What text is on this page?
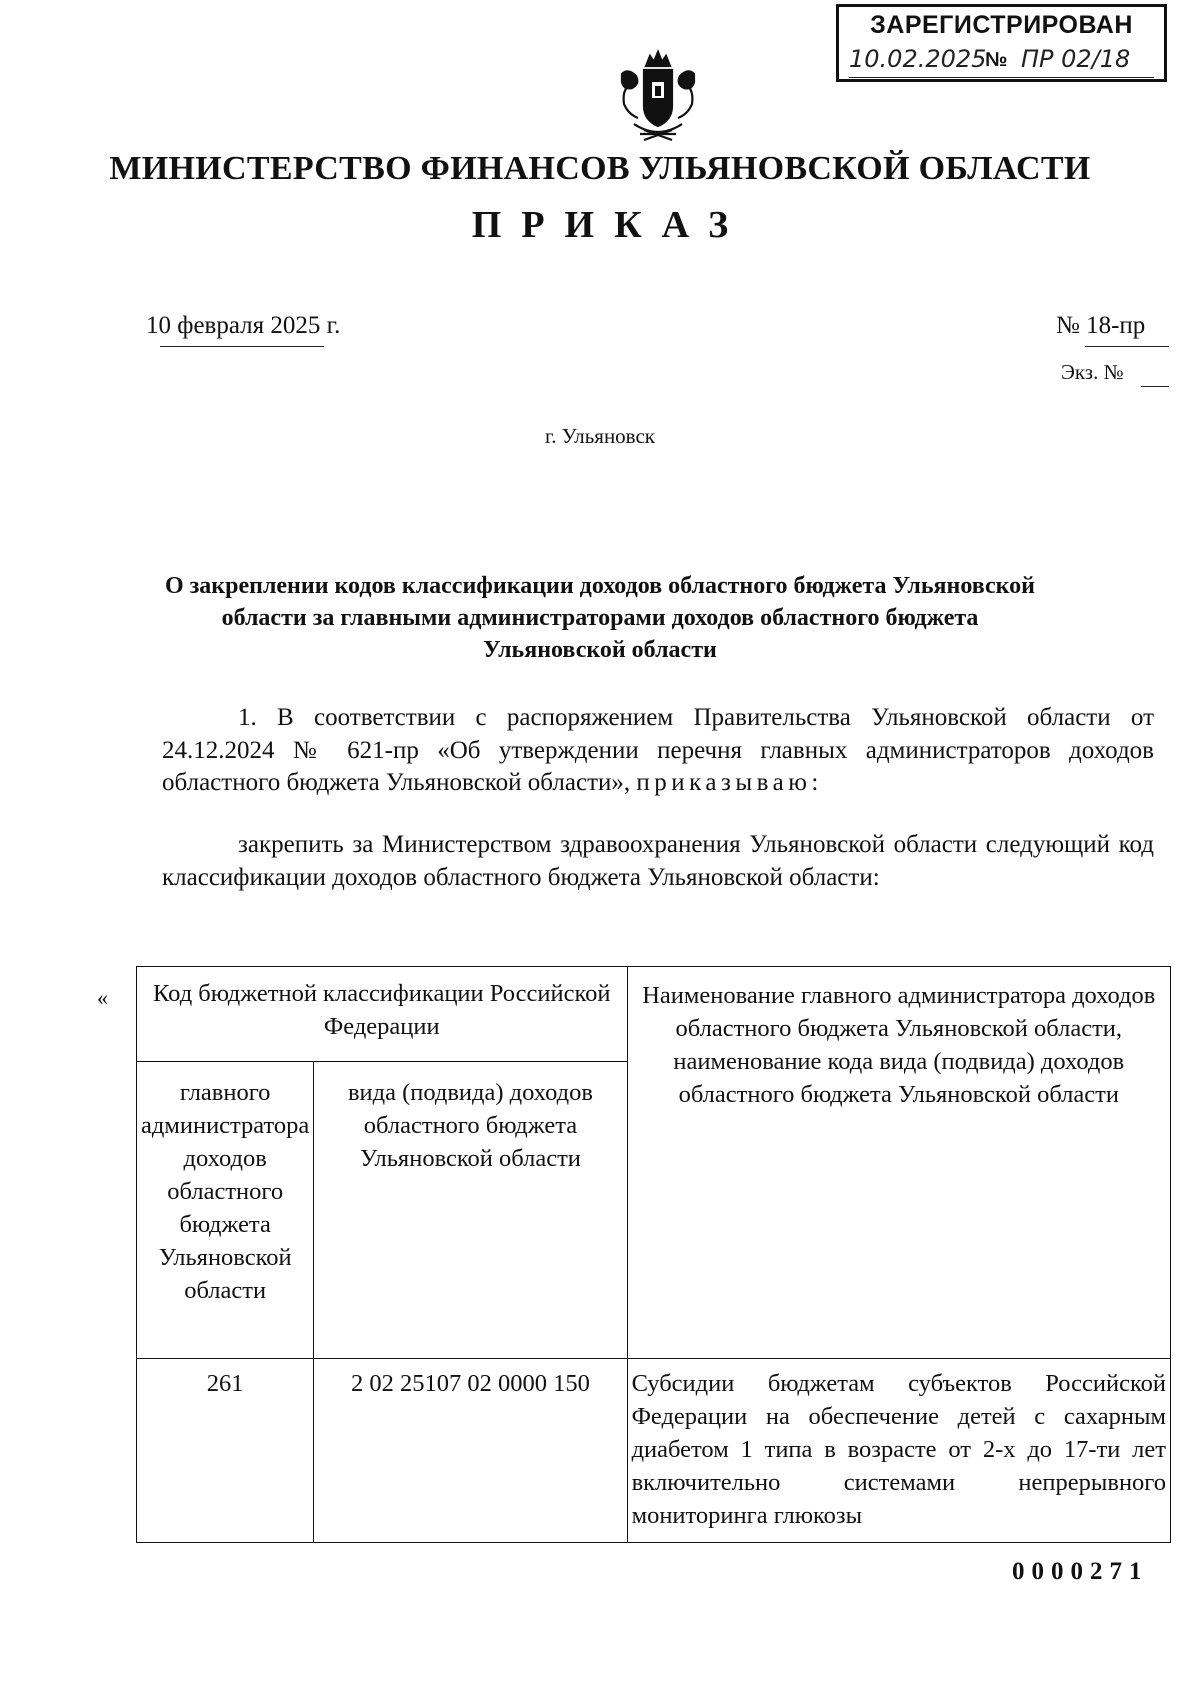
ЗАРЕГИСТРИРОВАН
10.02.2025
№ ПР 02/18
МИНИСТЕРСТВО ФИНАНСОВ УЛЬЯНОВСКОЙ ОБЛАСТИ
ПРИКАЗ
10 февраля 2025 г.	№ 18-пр
Экз. №
г. Ульяновск
О закреплении кодов классификации доходов областного бюджета Ульяновской области за главными администраторами доходов областного бюджета Ульяновской области
1. В соответствии с распоряжением Правительства Ульяновской области от 24.12.2024 № 621-пр «Об утверждении перечня главных администраторов доходов областного бюджета Ульяновской области», приказываю:
закрепить за Министерством здравоохранения Ульяновской области следующий код классификации доходов областного бюджета Ульяновской области:
« Код бюджетной классификации Российской Федерации		Наименование главного администратора доходов областного бюджета Ульяновской области, наименование кода вида (подвида) доходов областного бюджета Ульяновской области
главного администратора доходов областного бюджета Ульяновской области	вида (подвида) доходов областного бюджета Ульяновской области	
261	2 02 25107 02 0000 150	Субсидии бюджетам субъектов Российской Федерации на обеспечение детей с сахарным диабетом 1 типа в возрасте от 2-х до 17-ти лет включительно системами непрерывного мониторинга глюкозы
0000271
